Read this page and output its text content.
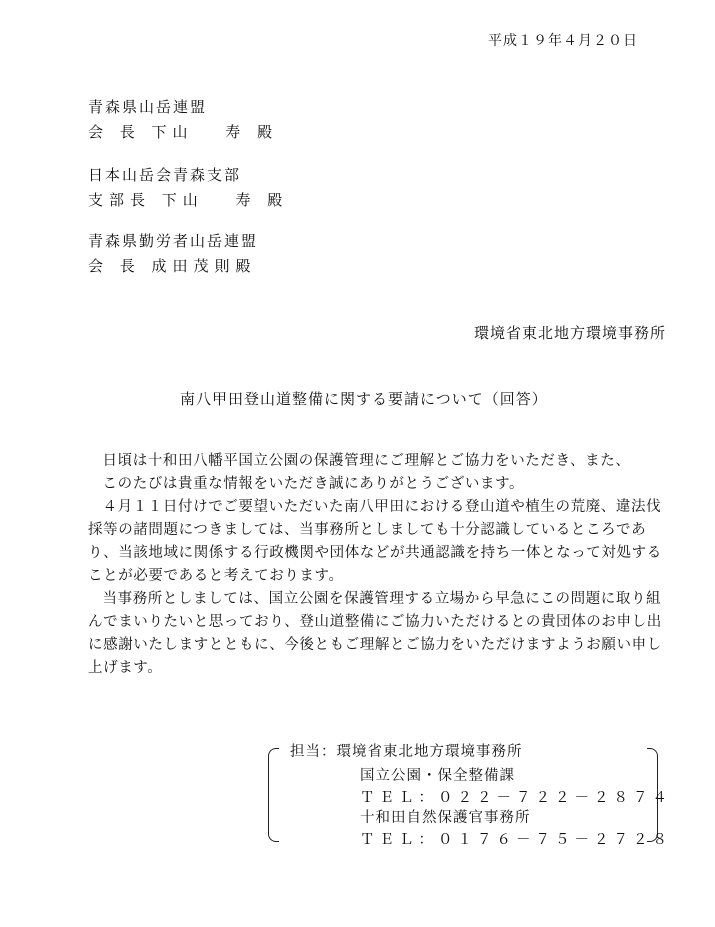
平成１９年４月２０日
青森県山岳連盟
会 長 下山 　寿 殿
日本山岳会青森支部
支部長 下山 　寿 殿
青森県勤労者山岳連盟
会 長 成田茂則殿
環境省東北地方環境事務所
南八甲田登山道整備に関する要請について（回答）

日頃は十和田八幡平国立公園の保護管理にご理解とご協力をいただき、また、
このたびは貴重な情報をいただき誠にありがとうございます。

４月１１日付けでご要望いただいた南八甲田における登山道や植生の荒廃、違法伐採等の諸問題につきましては、当事務所としましても十分認識しているところであり、当該地域に関係する行政機関や団体などが共通認識を持ち一体となって対処することが必要であると考えております。

当事務所としましては、国立公園を保護管理する立場から早急にこの問題に取り組んでまいりたいと思っており、登山道整備にご協力いただけるとの貴団体のお申し出に感謝いたしますとともに、今後ともご理解とご協力をいただけますようお願い申し上げます。

担当：環境省東北地方環境事務所
国立公園・保全整備課
ＴＥＬ：０２２－７２２－２８７４
十和田自然保護官事務所
ＴＥＬ：０１７６－７５－２７２８
